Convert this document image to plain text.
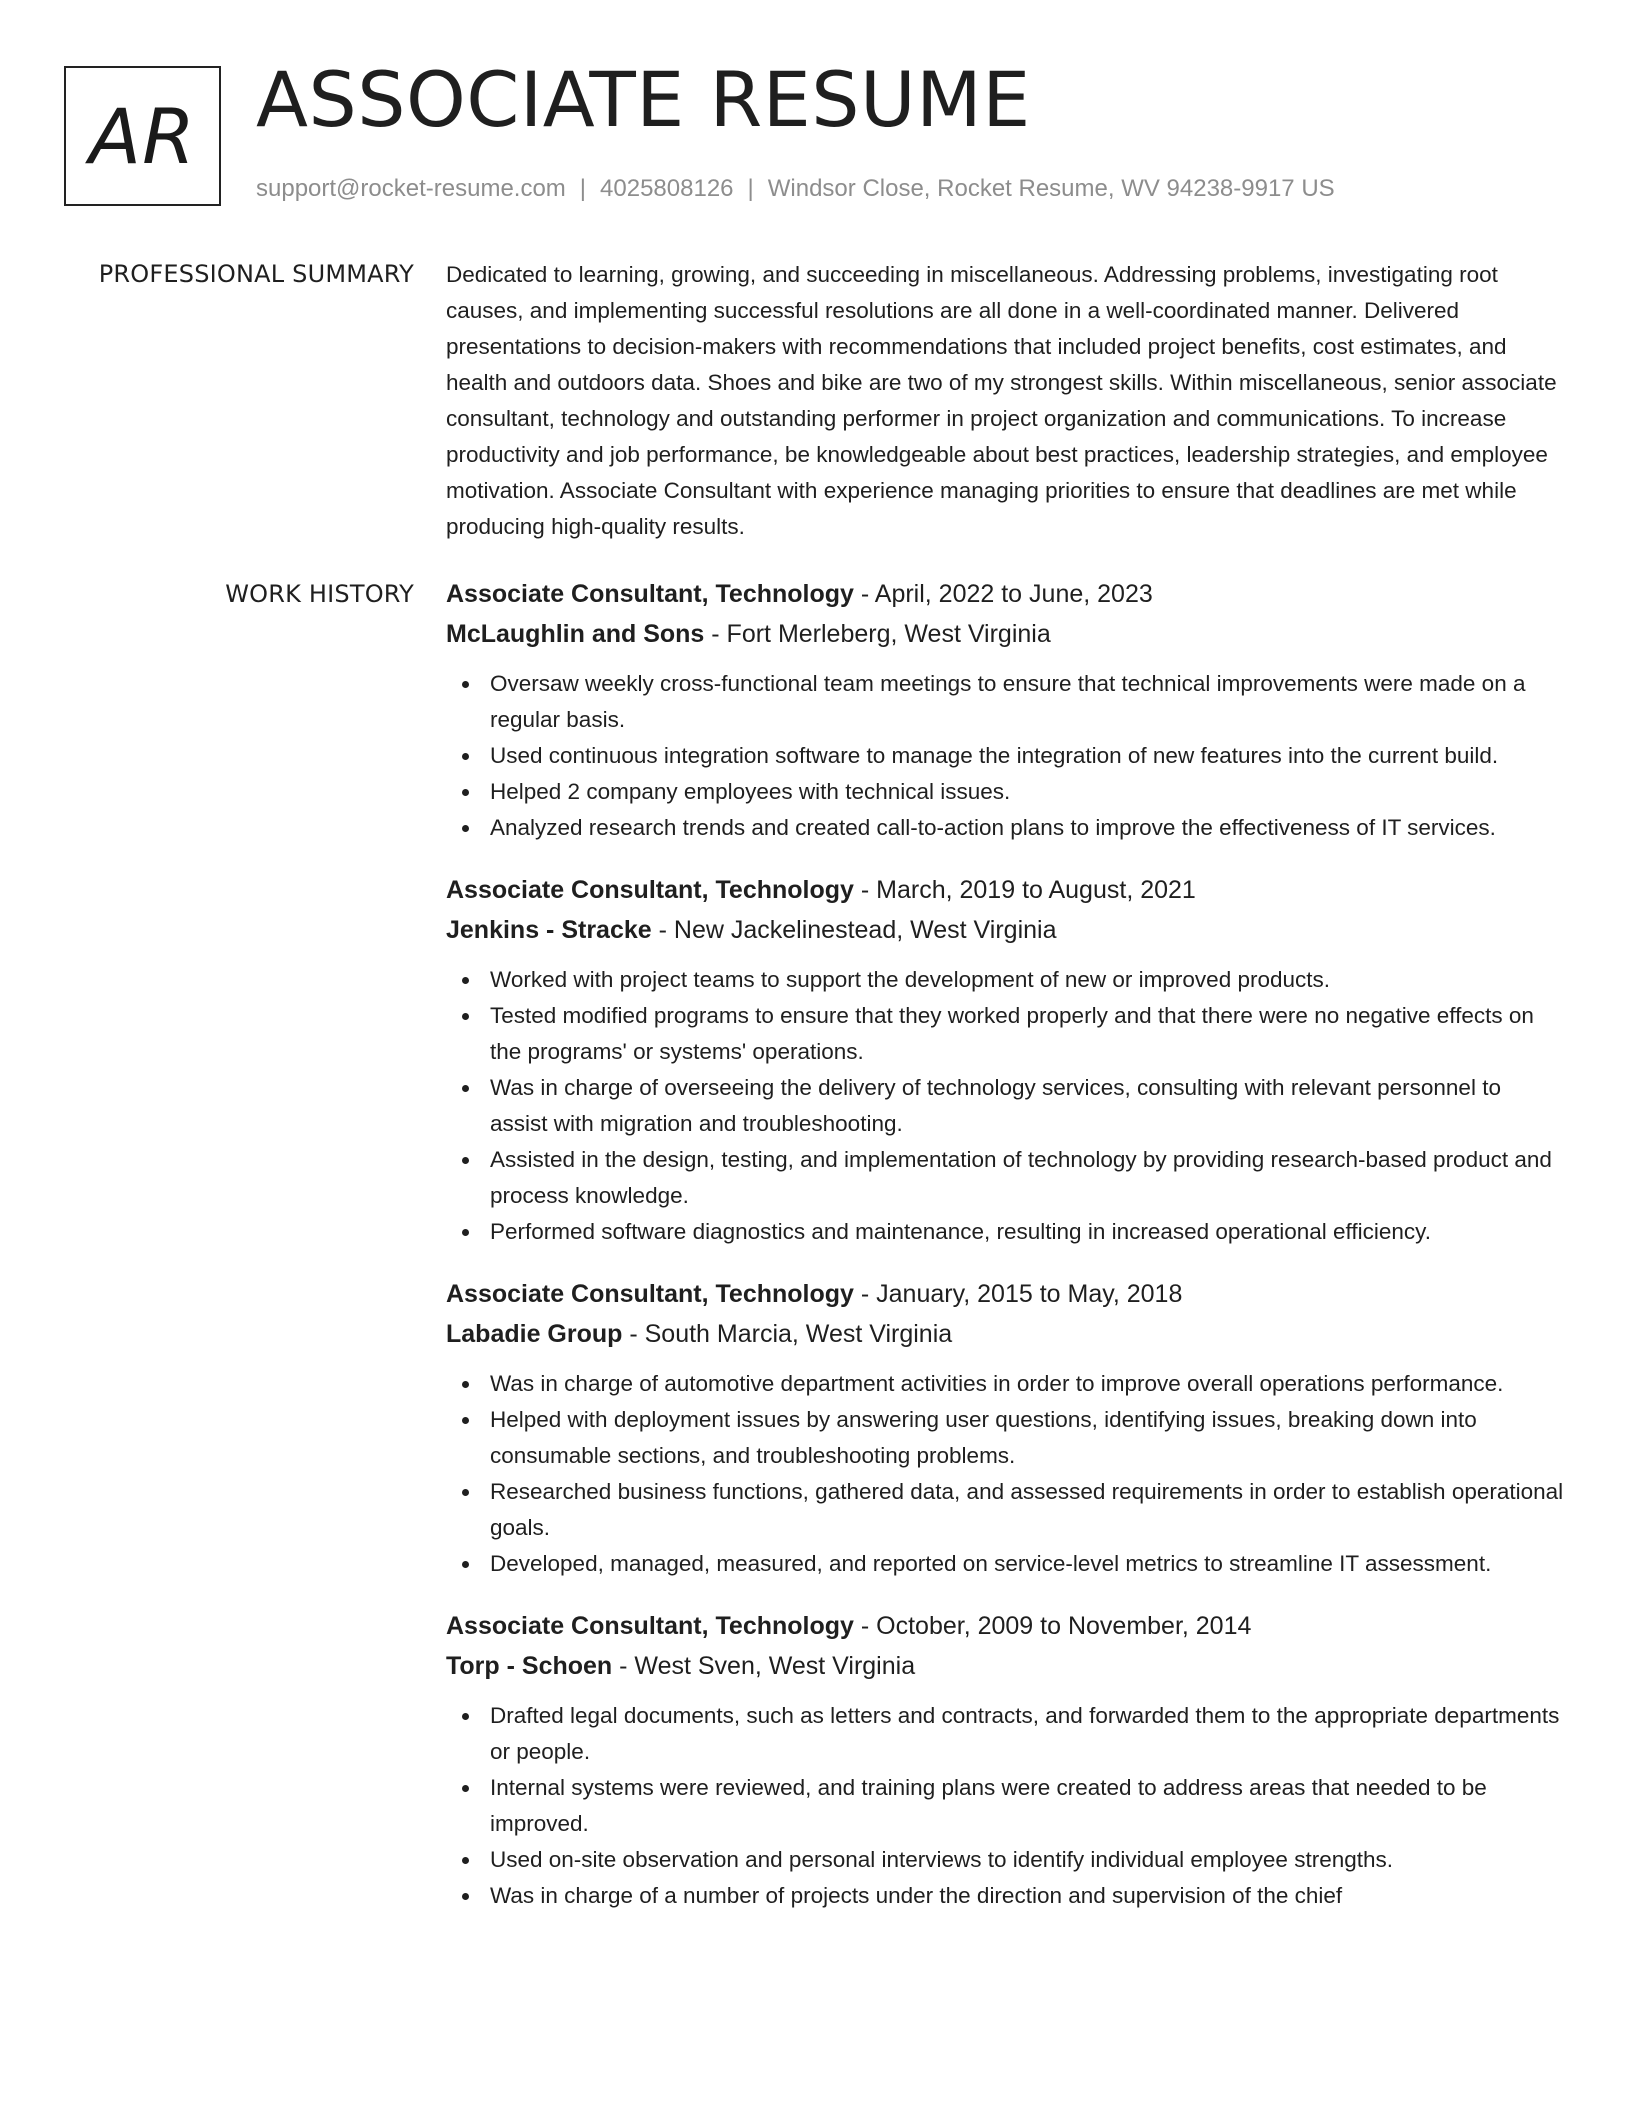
AR ASSOCIATE RESUME
support@rocket-resume.com | 4025808126 | Windsor Close, Rocket Resume, WV 94238-9917 US
PROFESSIONAL SUMMARY Dedicated to learning, growing, and succeeding in miscellaneous. Addressing problems, investigating root causes, and implementing successful resolutions are all done in a well-coordinated manner. Delivered presentations to decision-makers with recommendations that included project benefits, cost estimates, and health and outdoors data. Shoes and bike are two of my strongest skills. Within miscellaneous, senior associate consultant, technology and outstanding performer in project organization and communications. To increase productivity and job performance, be knowledgeable about best practices, leadership strategies, and employee motivation. Associate Consultant with experience managing priorities to ensure that deadlines are met while producing high-quality results.

WORK HISTORY Associate Consultant, Technology - April, 2022 to June, 2023
McLaughlin and Sons - Fort Merleberg, West Virginia
Oversaw weekly cross-functional team meetings to ensure that technical improvements were made on a regular basis.
Used continuous integration software to manage the integration of new features into the current build.
Helped 2 company employees with technical issues.
Analyzed research trends and created call-to-action plans to improve the effectiveness of IT services.
Associate Consultant, Technology - March, 2019 to August, 2021
Jenkins - Stracke - New Jackelinestead, West Virginia
Worked with project teams to support the development of new or improved products.
Tested modified programs to ensure that they worked properly and that there were no negative effects on the programs' or systems' operations.
Was in charge of overseeing the delivery of technology services, consulting with relevant personnel to assist with migration and troubleshooting.
Assisted in the design, testing, and implementation of technology by providing research-based product and process knowledge.
Performed software diagnostics and maintenance, resulting in increased operational efficiency.
Associate Consultant, Technology - January, 2015 to May, 2018
Labadie Group - South Marcia, West Virginia
Was in charge of automotive department activities in order to improve overall operations performance.
Helped with deployment issues by answering user questions, identifying issues, breaking down into consumable sections, and troubleshooting problems.
Researched business functions, gathered data, and assessed requirements in order to establish operational goals.
Developed, managed, measured, and reported on service-level metrics to streamline IT assessment.
Associate Consultant, Technology - October, 2009 to November, 2014
Torp - Schoen - West Sven, West Virginia
Drafted legal documents, such as letters and contracts, and forwarded them to the appropriate departments or people.
Internal systems were reviewed, and training plans were created to address areas that needed to be improved.
Used on-site observation and personal interviews to identify individual employee strengths.
Was in charge of a number of projects under the direction and supervision of the chief
